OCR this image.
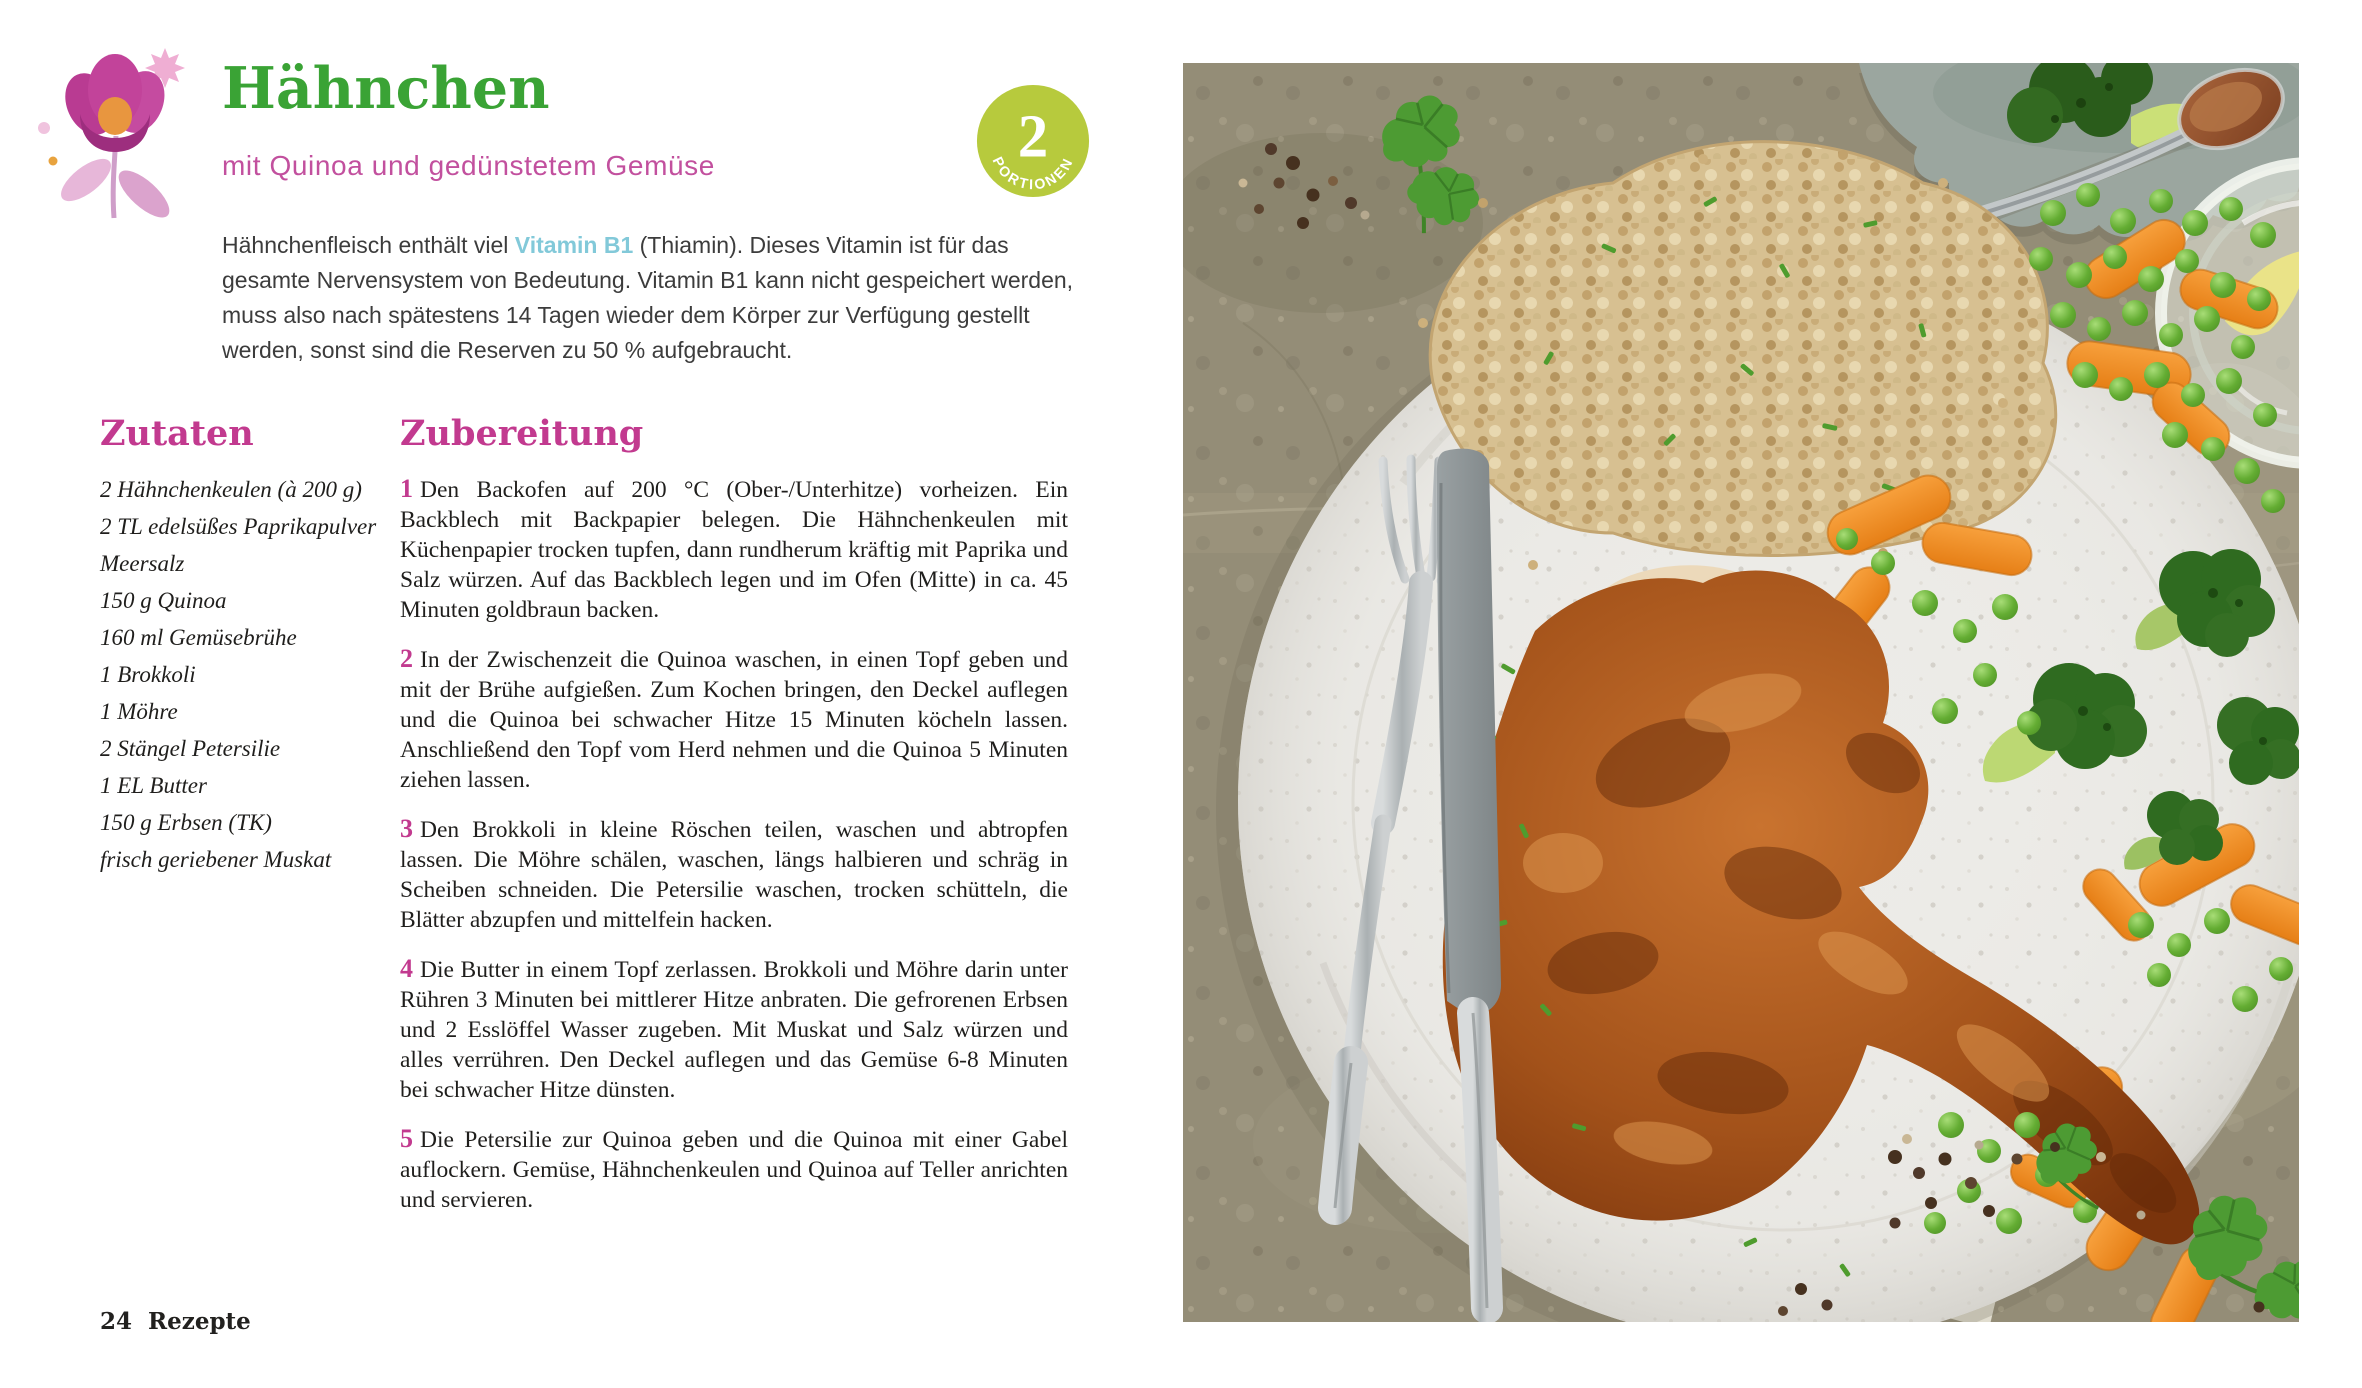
Hähnchen
mit Quinoa und gedünstetem Gemüse	2
PORTIONEN

Hähnchenfleisch enthält viel Vitamin B1 (Thiamin). Dieses Vitamin ist für das gesamte Nervensystem von Bedeutung. Vitamin B1 kann nicht gespeichert werden, muss also nach spätestens 14 Tagen wieder dem Körper zur Verfügung gestellt werden, sonst sind die Reserven zu 50 % aufgebraucht.

Zutaten
2 Hähnchenkeulen (à 200 g)
2 TL edelsüßes Paprikapulver
Meersalz
150 g Quinoa
160 ml Gemüsebrühe
1 Brokkoli
1 Möhre
2 Stängel Petersilie
1 EL Butter
150 g Erbsen (TK)
frisch geriebener Muskat
Zubereitung

1 Den Backofen auf 200 °C (Ober-/Unterhitze) vorheizen. Ein Backblech mit Backpapier belegen. Die Hähnchenkeulen mit Küchenpapier trocken tupfen, dann rundherum kräftig mit Paprika und Salz würzen. Auf das Backblech legen und im Ofen (Mitte) in ca. 45 Minuten goldbraun backen.

2 In der Zwischenzeit die Quinoa waschen, in einen Topf geben und mit der Brühe aufgießen. Zum Kochen bringen, den Deckel auflegen und die Quinoa bei schwacher Hitze 15 Minuten köcheln lassen. Anschließend den Topf vom Herd nehmen und die Quinoa 5 Minuten ziehen lassen.

3 Den Brokkoli in kleine Röschen teilen, waschen und abtropfen lassen. Die Möhre schälen, waschen, längs halbieren und schräg in Scheiben schneiden. Die Petersilie waschen, trocken schütteln, die Blätter abzupfen und mittelfein hacken.

4 Die Butter in einem Topf zerlassen. Brokkoli und Möhre darin unter Rühren 3 Minuten bei mittlerer Hitze anbraten. Die gefrorenen Erbsen und 2 Esslöffel Wasser zugeben. Mit Muskat und Salz würzen und alles verrühren. Den Deckel auflegen und das Gemüse 6-8 Minuten bei schwacher Hitze dünsten.

5 Die Petersilie zur Quinoa geben und die Quinoa mit einer Gabel auflockern. Gemüse, Hähnchenkeulen und Quinoa auf Teller anrichten und servieren.

24 Rezepte
